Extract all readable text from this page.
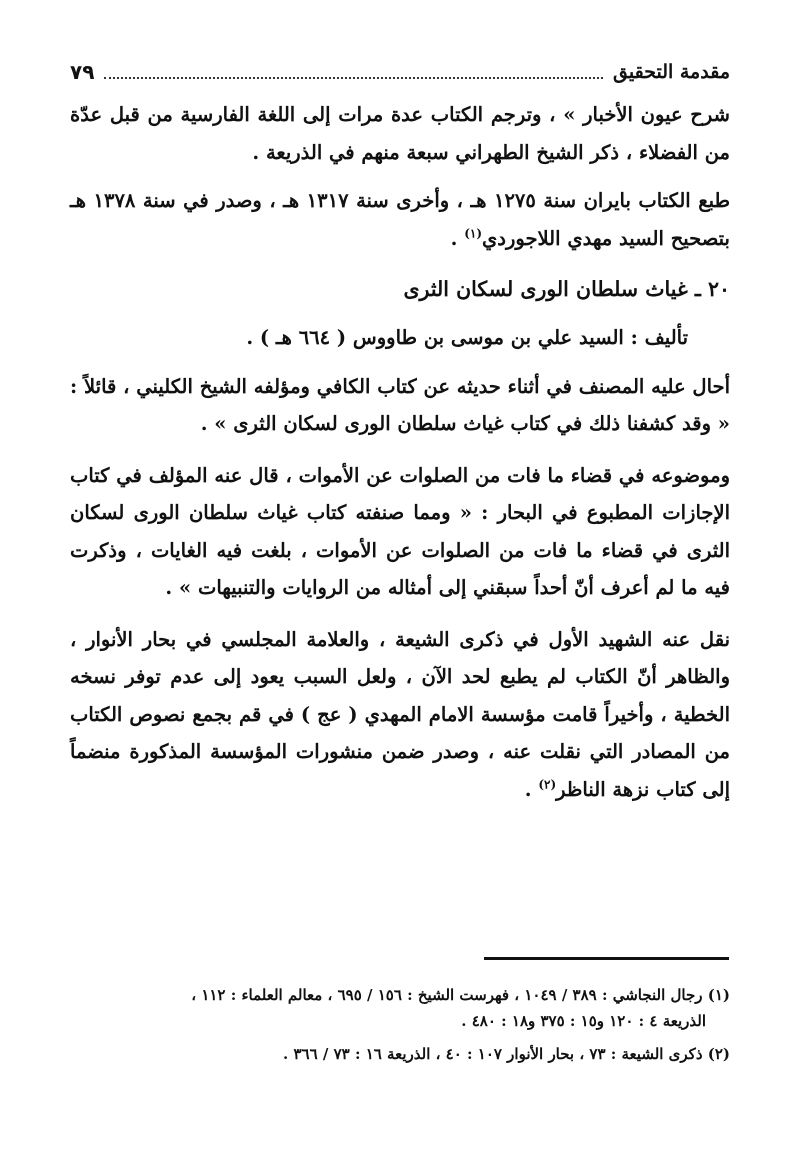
مقدمة التحقيق
٧٩

شرح عيون الأخبار » ، وترجم الكتاب عدة مرات إلى اللغة الفارسية من قبل عدّة من الفضلاء ، ذكر الشيخ الطهراني سبعة منهم في الذريعة .

طبع الكتاب بايران سنة ١٢٧٥ هـ ، وأخرى سنة ١٣١٧ هـ ، وصدر في سنة ١٣٧٨ هـ بتصحيح السيد مهدي اللاجوردي$^{(١)}$ .

٢٠ ـ غياث سلطان الورى لسكان الثرى

تأليف : السيد علي بن موسى بن طاووس ( ٦٦٤ هـ ) .

أحال عليه المصنف في أثناء حديثه عن كتاب الكافي ومؤلفه الشيخ الكليني ، قائلاً : « وقد كشفنا ذلك في كتاب غياث سلطان الورى لسكان الثرى » .

وموضوعه في قضاء ما فات من الصلوات عن الأموات ، قال عنه المؤلف في كتاب الإجازات المطبوع في البحار : « ومما صنفته كتاب غياث سلطان الورى لسكان الثرى في قضاء ما فات من الصلوات عن الأموات ، بلغت فيه الغايات ، وذكرت فيه ما لم أعرف أنّ أحداً سبقني إلى أمثاله من الروايات والتنبيهات » .

نقل عنه الشهيد الأول في ذكرى الشيعة ، والعلامة المجلسي في بحار الأنوار ، والظاهر أنّ الكتاب لم يطبع لحد الآن ، ولعل السبب يعود إلى عدم توفر نسخه الخطية ، وأخيراً قامت مؤسسة الامام المهدي ( عج ) في قم بجمع نصوص الكتاب من المصادر التي نقلت عنه ، وصدر ضمن منشورات المؤسسة المذكورة منضماً إلى كتاب نزهة الناظر$^{(٢)}$ .

(١) رجال النجاشي : ٣٨٩ / ١٠٤٩ ، فهرست الشيخ : ١٥٦ / ٦٩٥ ، معالم العلماء : ١١٢ ،
الذريعة ٤ : ١٢٠ و١٥ : ٣٧٥ و١٨ : ٤٨٠ .
(٢) ذكرى الشيعة : ٧٣ ، بحار الأنوار ١٠٧ : ٤٠ ، الذريعة ١٦ : ٧٣ / ٣٦٦ .
